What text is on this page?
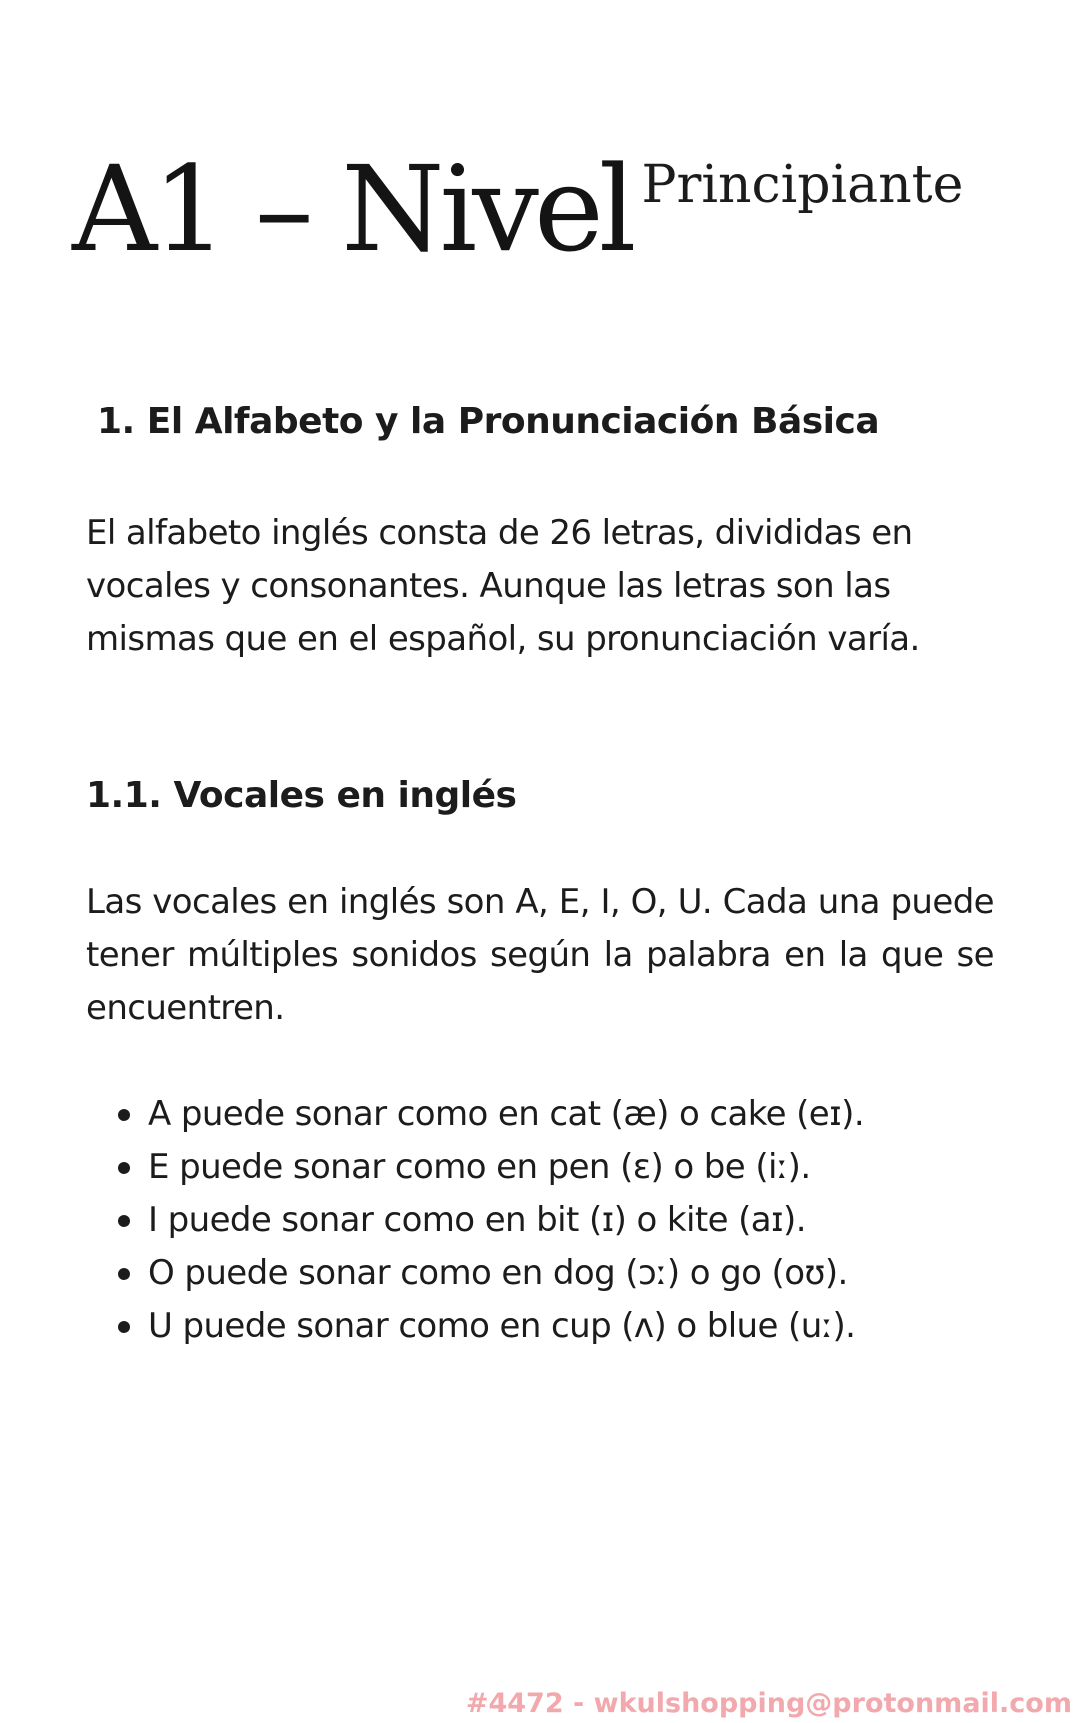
A1 – Nivel Principiante
1. El Alfabeto y la Pronunciación Básica
El alfabeto inglés consta de 26 letras, divididas en vocales y consonantes. Aunque las letras son las mismas que en el español, su pronunciación varía.
1.1. Vocales en inglés
Las vocales en inglés son A, E, I, O, U. Cada una puede tener múltiples sonidos según la palabra en la que se encuentren.
A puede sonar como en cat (æ) o cake (eɪ).
E puede sonar como en pen (ɛ) o be (iː).
I puede sonar como en bit (ɪ) o kite (aɪ).
O puede sonar como en dog (ɔː) o go (oʊ).
U puede sonar como en cup (ʌ) o blue (uː).
#4472 - wkulshopping@protonmail.com
